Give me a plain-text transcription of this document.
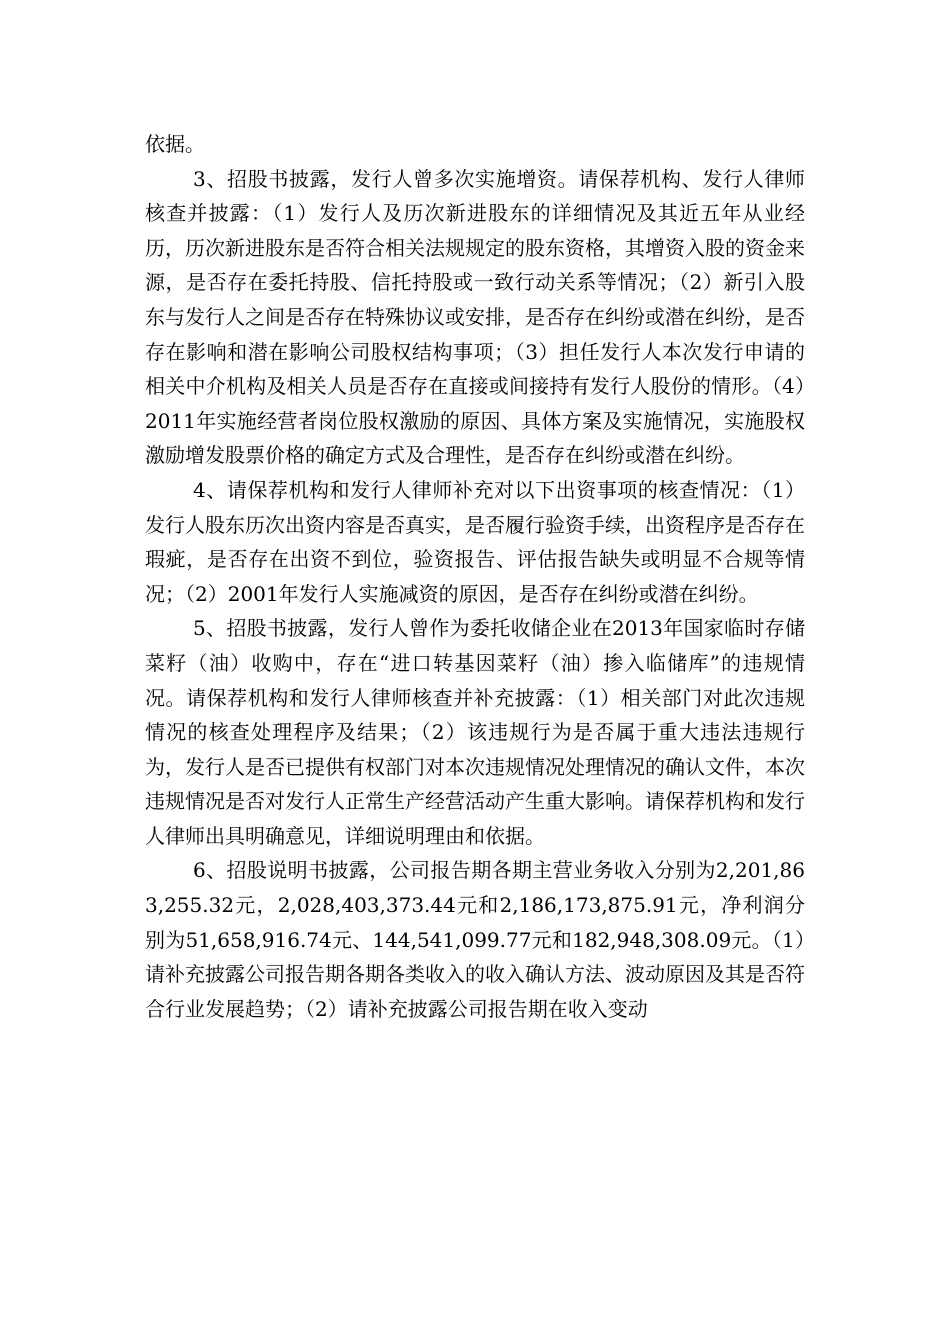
依据。

3、招股书披露，发行人曾多次实施增资。请保荐机构、发行人律师核查并披露：（1）发行人及历次新进股东的详细情况及其近五年从业经历，历次新进股东是否符合相关法规规定的股东资格，其增资入股的资金来源，是否存在委托持股、信托持股或一致行动关系等情况；（2）新引入股东与发行人之间是否存在特殊协议或安排，是否存在纠纷或潜在纠纷，是否存在影响和潜在影响公司股权结构事项；（3）担任发行人本次发行申请的相关中介机构及相关人员是否存在直接或间接持有发行人股份的情形。（4）2011年实施经营者岗位股权激励的原因、具体方案及实施情况，实施股权激励增发股票价格的确定方式及合理性，是否存在纠纷或潜在纠纷。

4、请保荐机构和发行人律师补充对以下出资事项的核查情况：（1）发行人股东历次出资内容是否真实，是否履行验资手续，出资程序是否存在瑕疵，是否存在出资不到位，验资报告、评估报告缺失或明显不合规等情况；（2）2001年发行人实施减资的原因，是否存在纠纷或潜在纠纷。

5、招股书披露，发行人曾作为委托收储企业在2013年国家临时存储菜籽（油）收购中，存在“进口转基因菜籽（油）掺入临储库”的违规情况。请保荐机构和发行人律师核查并补充披露：（1）相关部门对此次违规情况的核查处理程序及结果；（2）该违规行为是否属于重大违法违规行为，发行人是否已提供有权部门对本次违规情况处理情况的确认文件，本次违规情况是否对发行人正常生产经营活动产生重大影响。请保荐机构和发行人律师出具明确意见，详细说明理由和依据。

6、招股说明书披露，公司报告期各期主营业务收入分别为2,201,863,255.32元，2,028,403,373.44元和2,186,173,875.91元，净利润分别为51,658,916.74元、144,541,099.77元和182,948,308.09元。（1）请补充披露公司报告期各期各类收入的收入确认方法、波动原因及其是否符合行业发展趋势；（2）请补充披露公司报告期在收入变动
